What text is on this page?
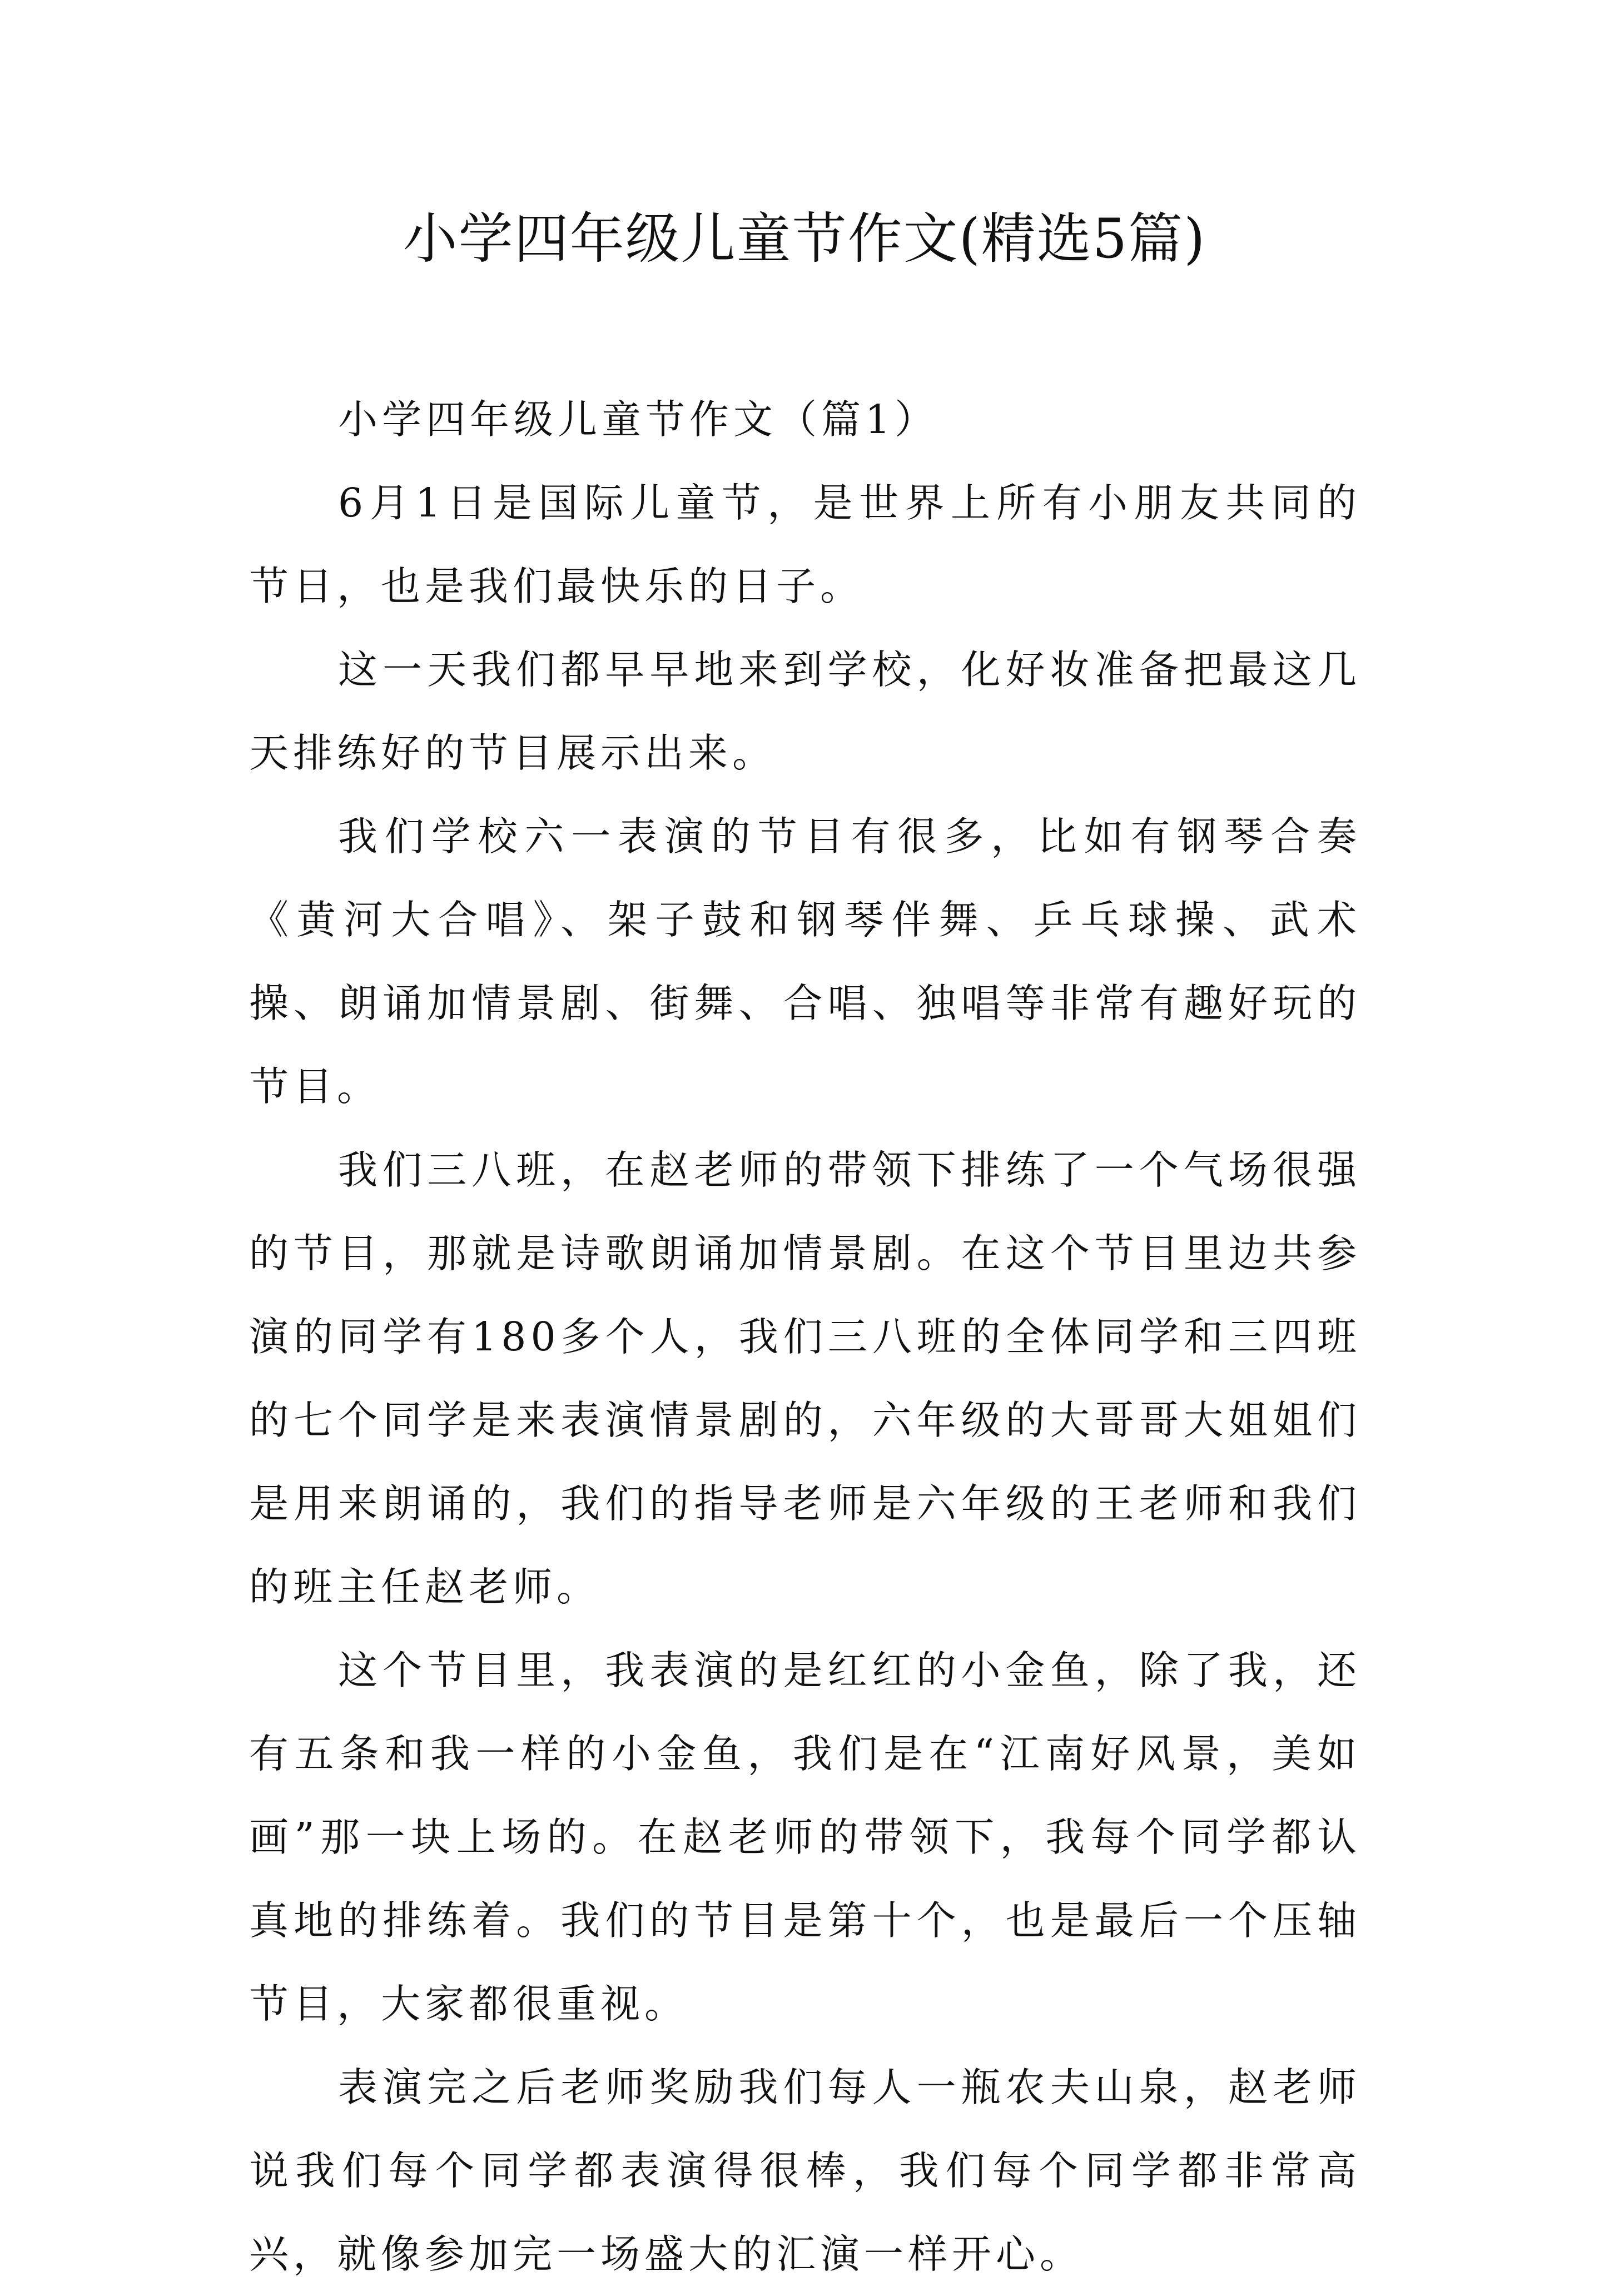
小学四年级儿童节作文(精选5篇)

小学四年级儿童节作文（篇1）

6月1日是国际儿童节，是世界上所有小朋友共同的节日，也是我们最快乐的日子。

这一天我们都早早地来到学校，化好妆准备把最这几天排练好的节目展示出来。

我们学校六一表演的节目有很多，比如有钢琴合奏《黄河大合唱》、架子鼓和钢琴伴舞、乒乓球操、武术操、朗诵加情景剧、街舞、合唱、独唱等非常有趣好玩的节目。

我们三八班，在赵老师的带领下排练了一个气场很强的节目，那就是诗歌朗诵加情景剧。在这个节目里边共参演的同学有180多个人，我们三八班的全体同学和三四班的七个同学是来表演情景剧的，六年级的大哥哥大姐姐们是用来朗诵的，我们的指导老师是六年级的王老师和我们的班主任赵老师。

这个节目里，我表演的是红红的小金鱼，除了我，还有五条和我一样的小金鱼，我们是在“江南好风景，美如画”那一块上场的。在赵老师的带领下，我每个同学都认真地的排练着。我们的节目是第十个，也是最后一个压轴节目，大家都很重视。

表演完之后老师奖励我们每人一瓶农夫山泉，赵老师说我们每个同学都表演得很棒，我们每个同学都非常高兴，就像参加完一场盛大的汇演一样开心。
